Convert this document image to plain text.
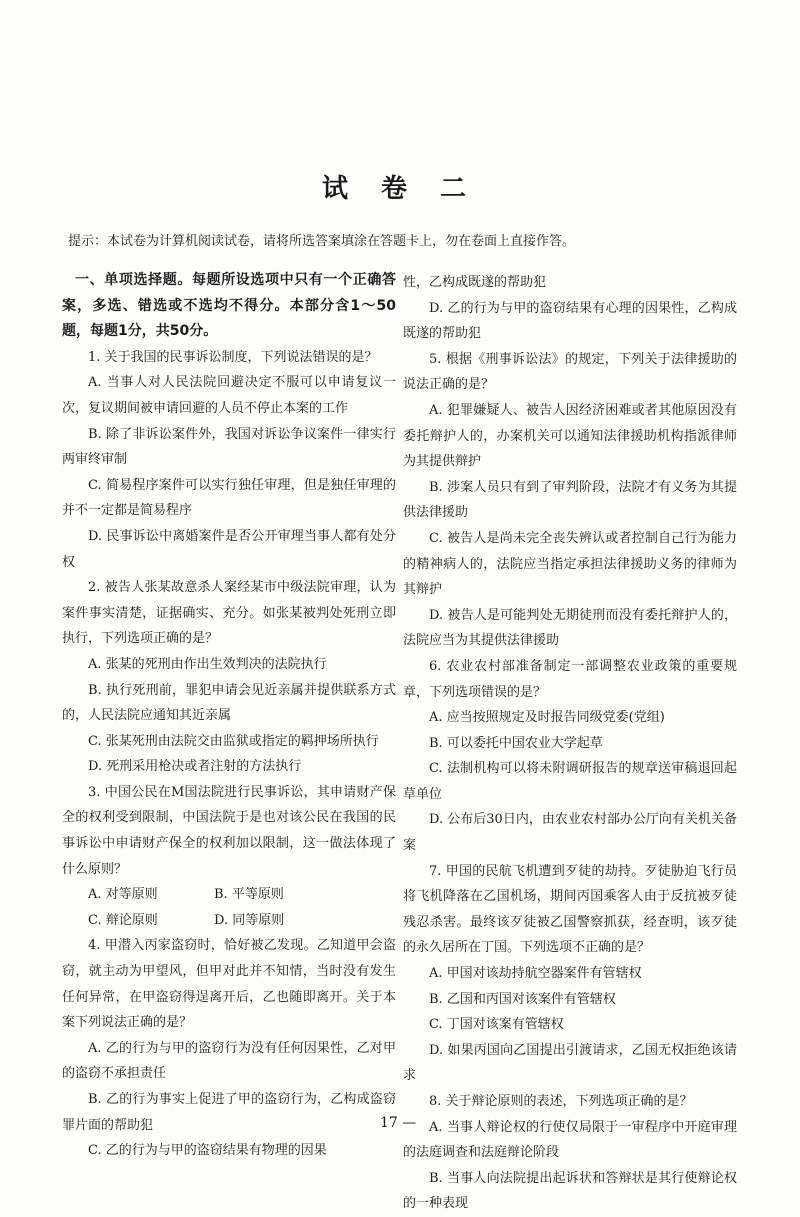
试 卷 二
提示：本试卷为计算机阅读试卷，请将所选答案填涂在答题卡上，勿在卷面上直接作答。

一、单项选择题。每题所设选项中只有一个正确答案，多选、错选或不选均不得分。本部分含1～50题，每题1分，共50分。

1. 关于我国的民事诉讼制度，下列说法错误的是？

A. 当事人对人民法院回避决定不服可以申请复议一次，复议期间被申请回避的人员不停止本案的工作

B. 除了非诉讼案件外，我国对诉讼争议案件一律实行两审终审制

C. 简易程序案件可以实行独任审理，但是独任审理的并不一定都是简易程序

D. 民事诉讼中离婚案件是否公开审理当事人都有处分权

2. 被告人张某故意杀人案经某市中级法院审理，认为案件事实清楚，证据确实、充分。如张某被判处死刑立即执行，下列选项正确的是？

A. 张某的死刑由作出生效判决的法院执行

B. 执行死刑前，罪犯申请会见近亲属并提供联系方式的，人民法院应通知其近亲属

C. 张某死刑由法院交由监狱或指定的羁押场所执行

D. 死刑采用枪决或者注射的方法执行

3. 中国公民在M国法院进行民事诉讼，其申请财产保全的权利受到限制，中国法院于是也对该公民在我国的民事诉讼中申请财产保全的权利加以限制，这一做法体现了什么原则？

A. 对等原则	B. 平等原则
C. 辩论原则	D. 同等原则

4. 甲潜入丙家盗窃时，恰好被乙发现。乙知道甲会盗窃，就主动为甲望风，但甲对此并不知情，当时没有发生任何异常，在甲盗窃得逞离开后，乙也随即离开。关于本案下列说法正确的是？

A. 乙的行为与甲的盗窃行为没有任何因果性，乙对甲的盗窃不承担责任

B. 乙的行为事实上促进了甲的盗窃行为，乙构成盗窃罪片面的帮助犯

C. 乙的行为与甲的盗窃结果有物理的因果

性，乙构成既遂的帮助犯

D. 乙的行为与甲的盗窃结果有心理的因果性，乙构成既遂的帮助犯

5. 根据《刑事诉讼法》的规定，下列关于法律援助的说法正确的是？

A. 犯罪嫌疑人、被告人因经济困难或者其他原因没有委托辩护人的，办案机关可以通知法律援助机构指派律师为其提供辩护

B. 涉案人员只有到了审判阶段，法院才有义务为其提供法律援助

C. 被告人是尚未完全丧失辨认或者控制自己行为能力的精神病人的，法院应当指定承担法律援助义务的律师为其辩护

D. 被告人是可能判处无期徒刑而没有委托辩护人的，法院应当为其提供法律援助

6. 农业农村部准备制定一部调整农业政策的重要规章，下列选项错误的是？

A. 应当按照规定及时报告同级党委(党组)

B. 可以委托中国农业大学起草

C. 法制机构可以将未附调研报告的规章送审稿退回起草单位

D. 公布后30日内，由农业农村部办公厅向有关机关备案

7. 甲国的民航飞机遭到歹徒的劫持。歹徒胁迫飞行员将飞机降落在乙国机场，期间丙国乘客人由于反抗被歹徒残忍杀害。最终该歹徒被乙国警察抓获，经查明，该歹徒的永久居所在丁国。下列选项不正确的是？

A. 甲国对该劫持航空器案件有管辖权

B. 乙国和丙国对该案件有管辖权

C. 丁国对该案有管辖权

D. 如果丙国向乙国提出引渡请求，乙国无权拒绝该请求

8. 关于辩论原则的表述，下列选项正确的是？

A. 当事人辩论权的行使仅局限于一审程序中开庭审理的法庭调查和法庭辩论阶段

B. 当事人向法院提出起诉状和答辩状是其行使辩论权的一种表现

17 —
